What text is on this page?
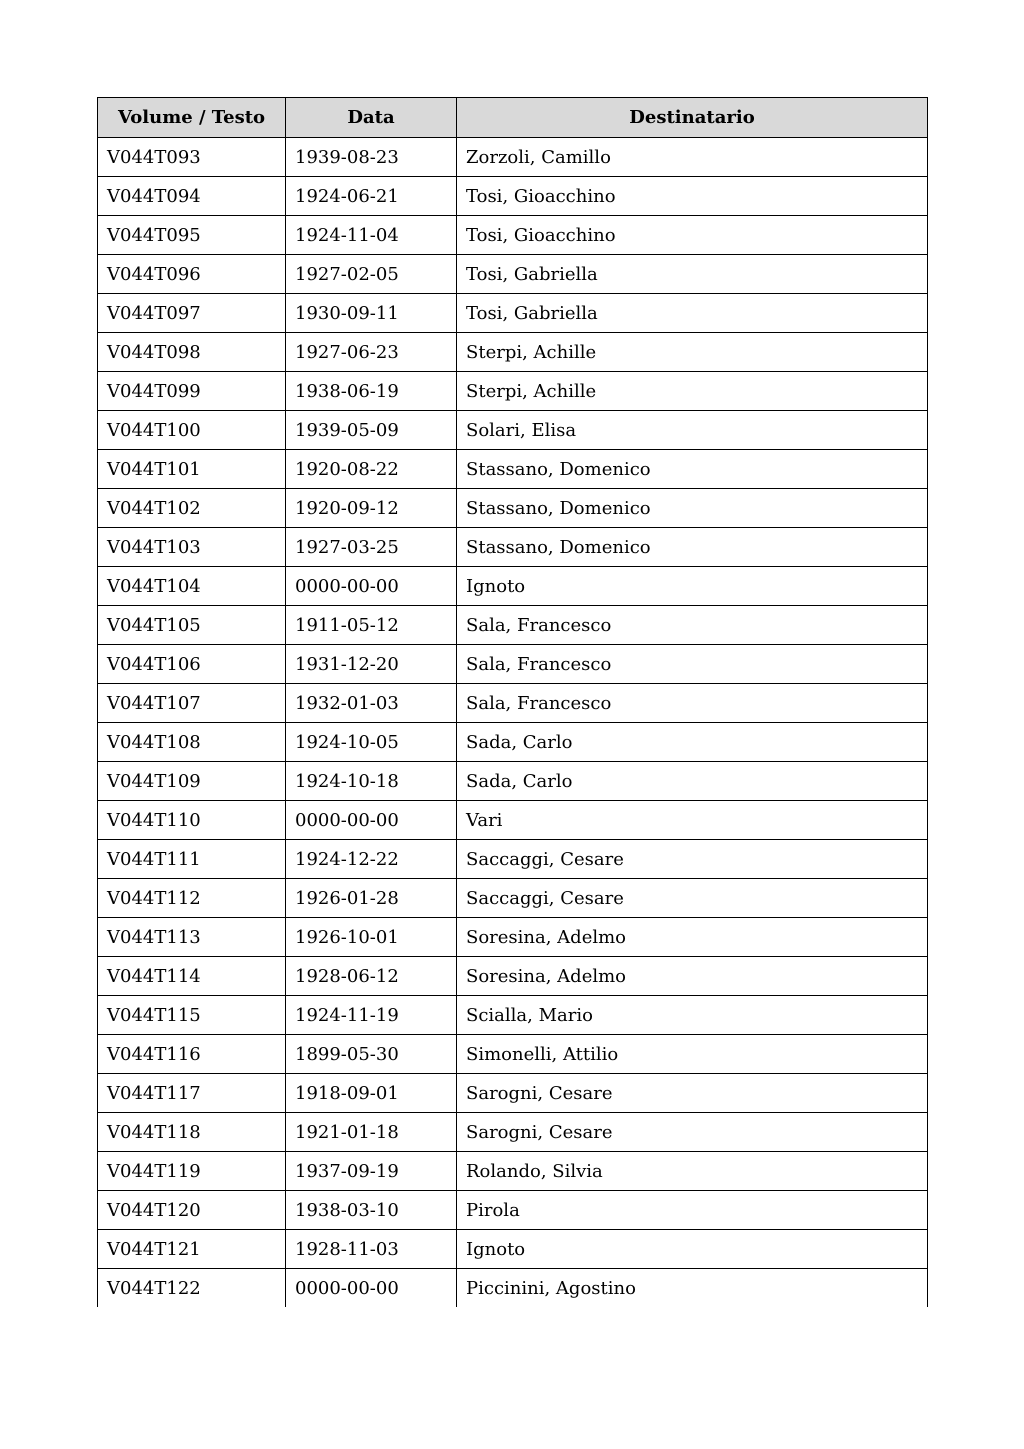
Volume / Testo	Data	Destinatario
V044T093	1939-08-23	Zorzoli, Camillo
V044T094	1924-06-21	Tosi, Gioacchino
V044T095	1924-11-04	Tosi, Gioacchino
V044T096	1927-02-05	Tosi, Gabriella
V044T097	1930-09-11	Tosi, Gabriella
V044T098	1927-06-23	Sterpi, Achille
V044T099	1938-06-19	Sterpi, Achille
V044T100	1939-05-09	Solari, Elisa
V044T101	1920-08-22	Stassano, Domenico
V044T102	1920-09-12	Stassano, Domenico
V044T103	1927-03-25	Stassano, Domenico
V044T104	0000-00-00	Ignoto
V044T105	1911-05-12	Sala, Francesco
V044T106	1931-12-20	Sala, Francesco
V044T107	1932-01-03	Sala, Francesco
V044T108	1924-10-05	Sada, Carlo
V044T109	1924-10-18	Sada, Carlo
V044T110	0000-00-00	Vari
V044T111	1924-12-22	Saccaggi, Cesare
V044T112	1926-01-28	Saccaggi, Cesare
V044T113	1926-10-01	Soresina, Adelmo
V044T114	1928-06-12	Soresina, Adelmo
V044T115	1924-11-19	Scialla, Mario
V044T116	1899-05-30	Simonelli, Attilio
V044T117	1918-09-01	Sarogni, Cesare
V044T118	1921-01-18	Sarogni, Cesare
V044T119	1937-09-19	Rolando, Silvia
V044T120	1938-03-10	Pirola
V044T121	1928-11-03	Ignoto
V044T122	0000-00-00	Piccinini, Agostino
